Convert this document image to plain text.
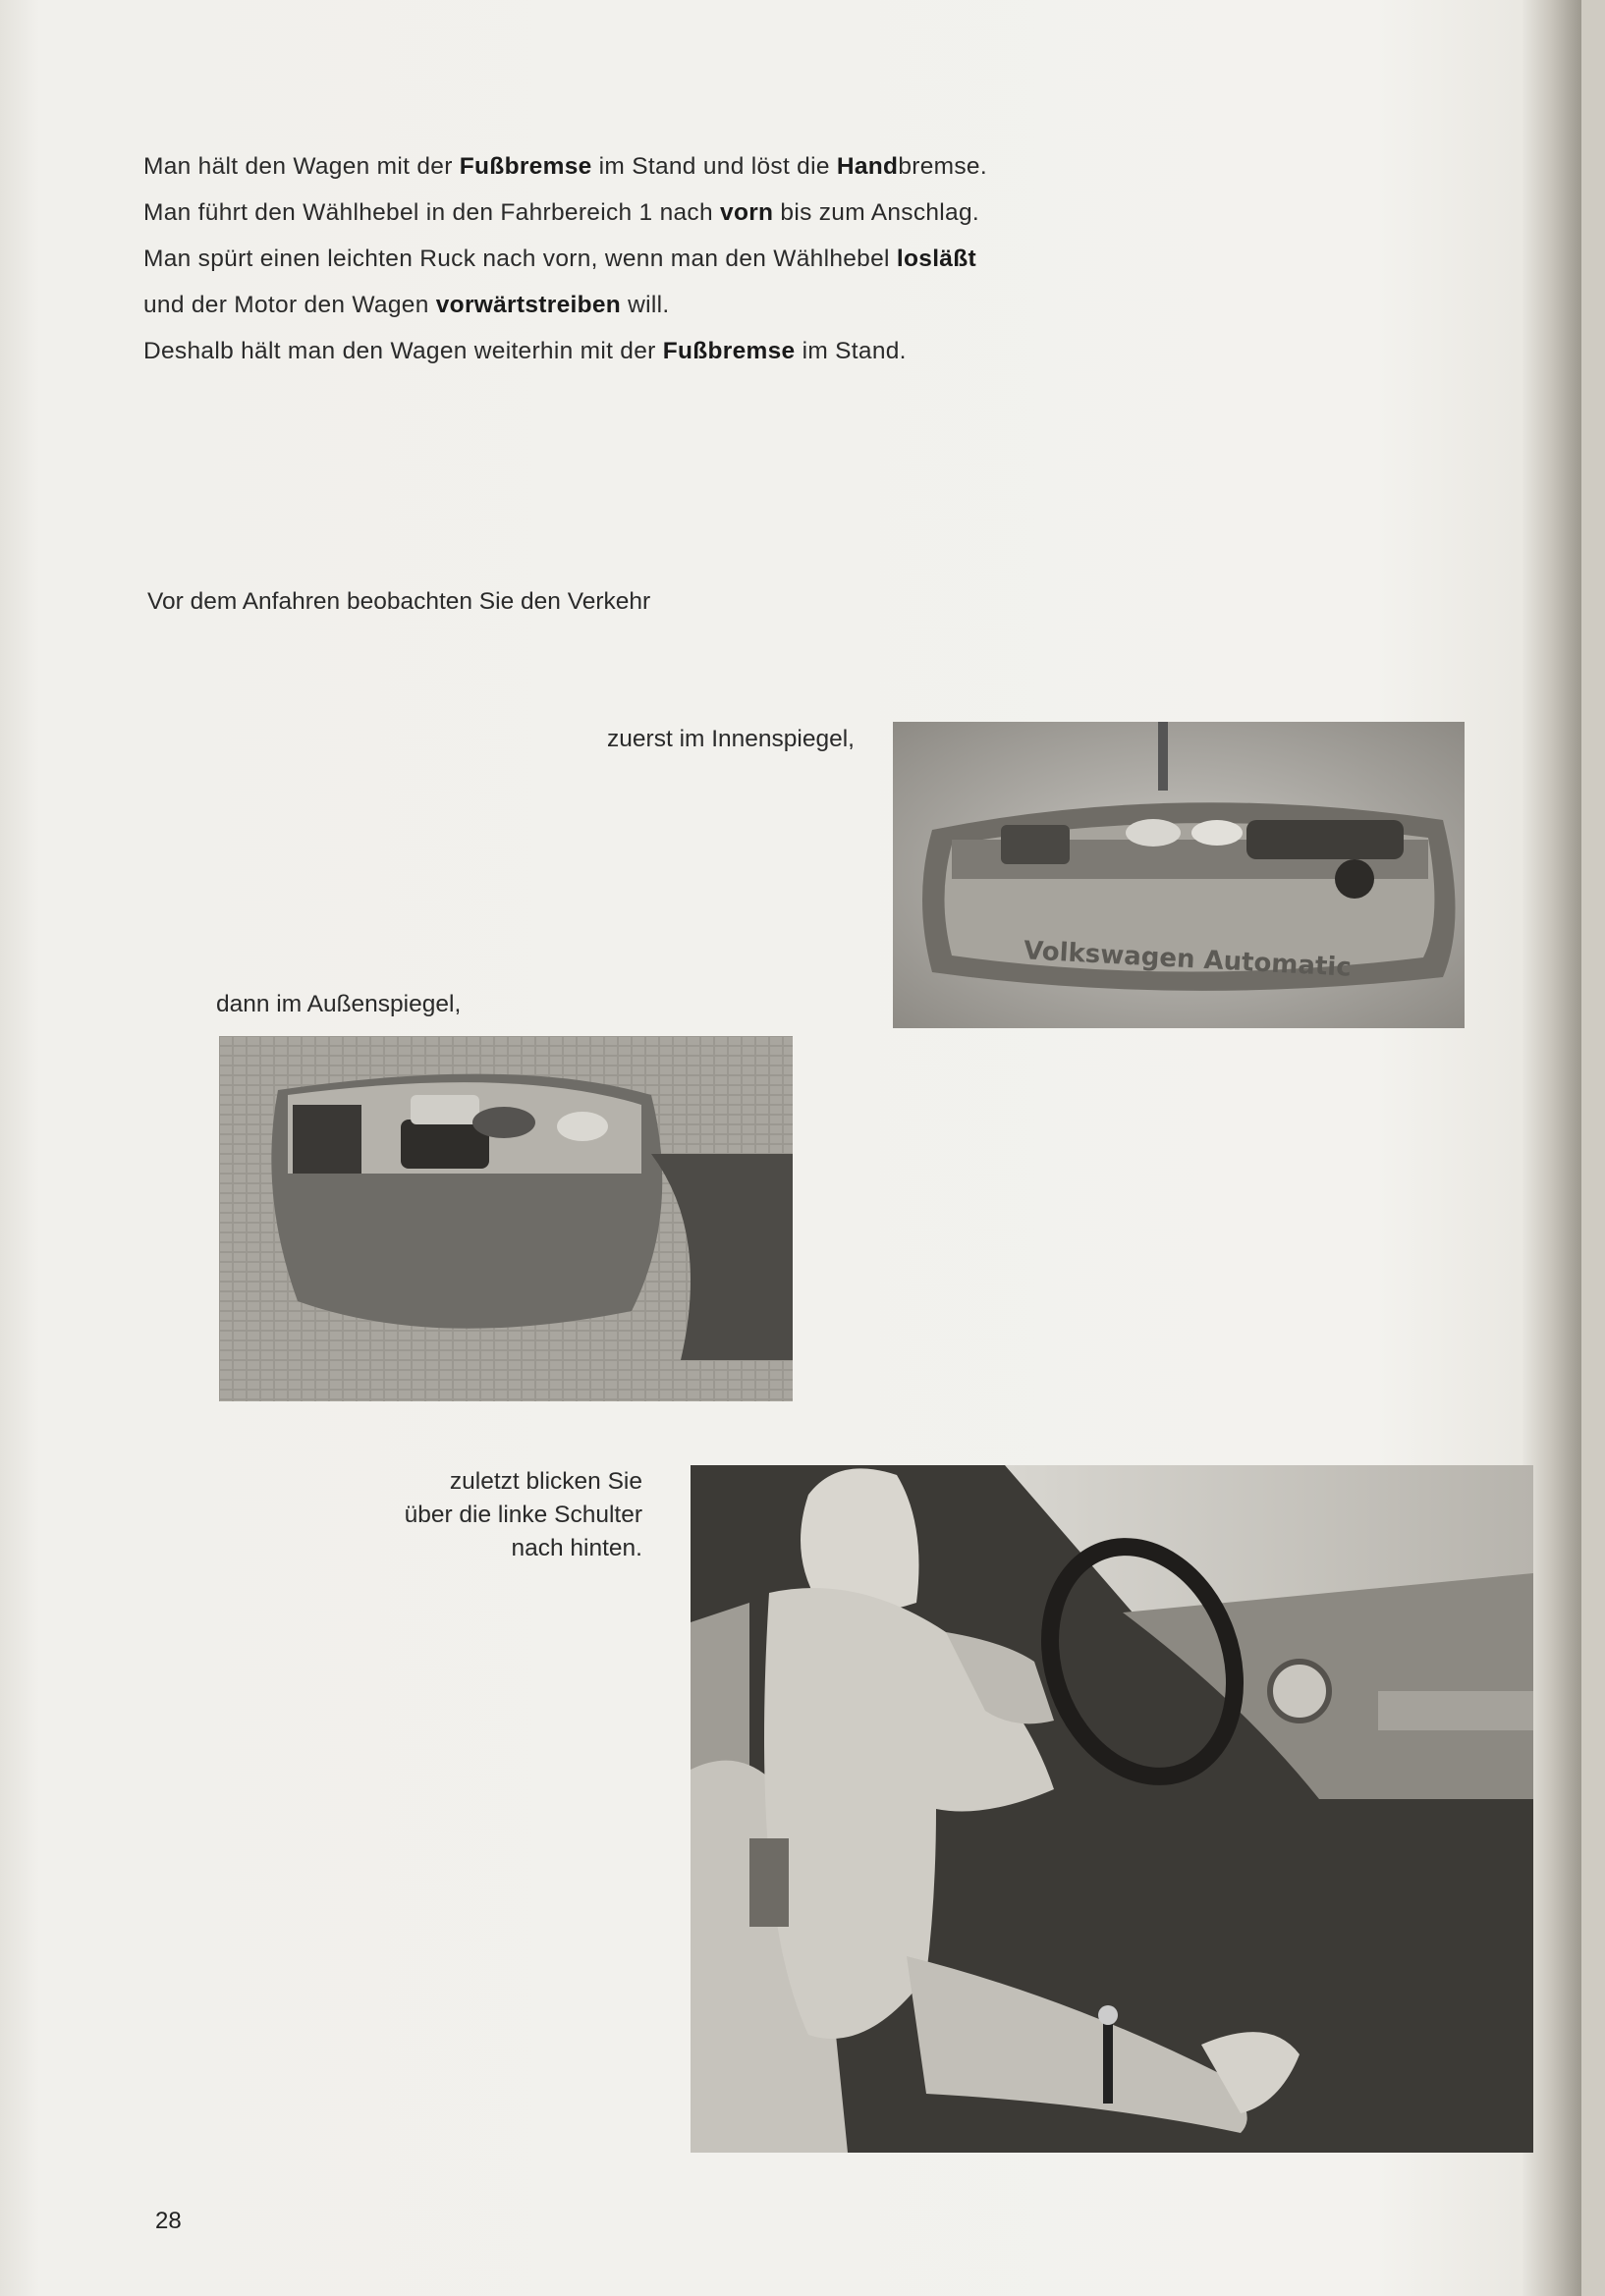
Man hält den Wagen mit der Fußbremse im Stand und löst die Handbremse.

Man führt den Wählhebel in den Fahrbereich 1 nach vorn bis zum Anschlag.

Man spürt einen leichten Ruck nach vorn, wenn man den Wählhebel losläßt

und der Motor den Wagen vorwärtstreiben will.

Deshalb hält man den Wagen weiterhin mit der Fußbremse im Stand.

Vor dem Anfahren beobachten Sie den Verkehr
zuerst im Innenspiegel,
Volkswagen Automatic
dann im Außenspiegel,
zuletzt blicken Sie
über die linke Schulter
nach hinten.
28
